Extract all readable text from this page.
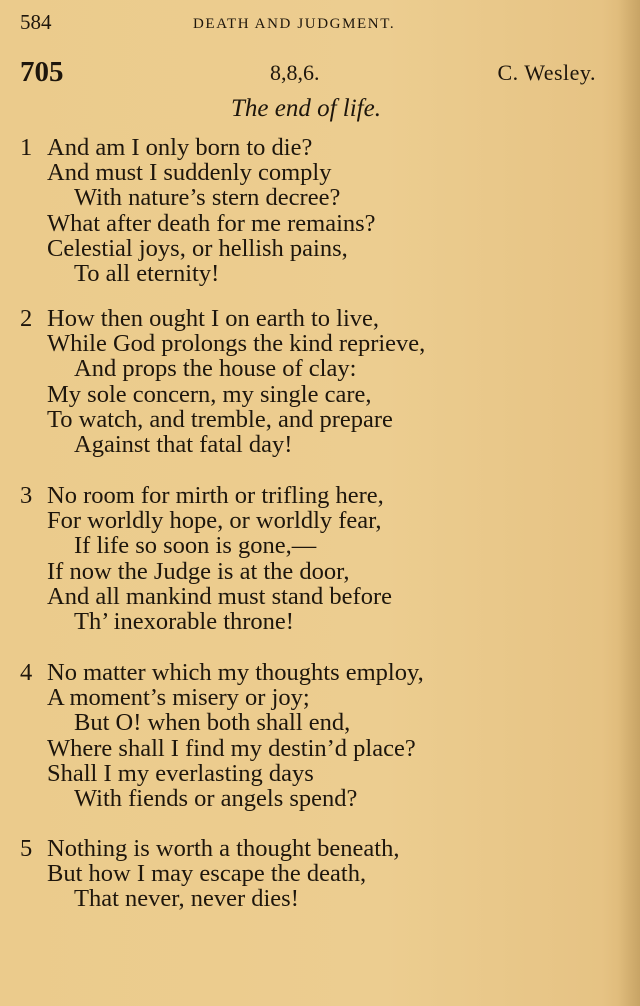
584	DEATH AND JUDGMENT.
705	8,8,6.	C. Wesley.
The end of life.
1 And am I only born to die?
And must I suddenly comply
With nature’s stern decree?
What after death for me remains?
Celestial joys, or hellish pains,
To all eternity!
2 How then ought I on earth to live,
While God prolongs the kind reprieve,
And props the house of clay:
My sole concern, my single care,
To watch, and tremble, and prepare
Against that fatal day!
3 No room for mirth or trifling here,
For worldly hope, or worldly fear,
If life so soon is gone,—
If now the Judge is at the door,
And all mankind must stand before
Th’ inexorable throne!
4 No matter which my thoughts employ,
A moment’s misery or joy;
But O! when both shall end,
Where shall I find my destin’d place?
Shall I my everlasting days
With fiends or angels spend?
5 Nothing is worth a thought beneath,
But how I may escape the death,
That never, never dies!
